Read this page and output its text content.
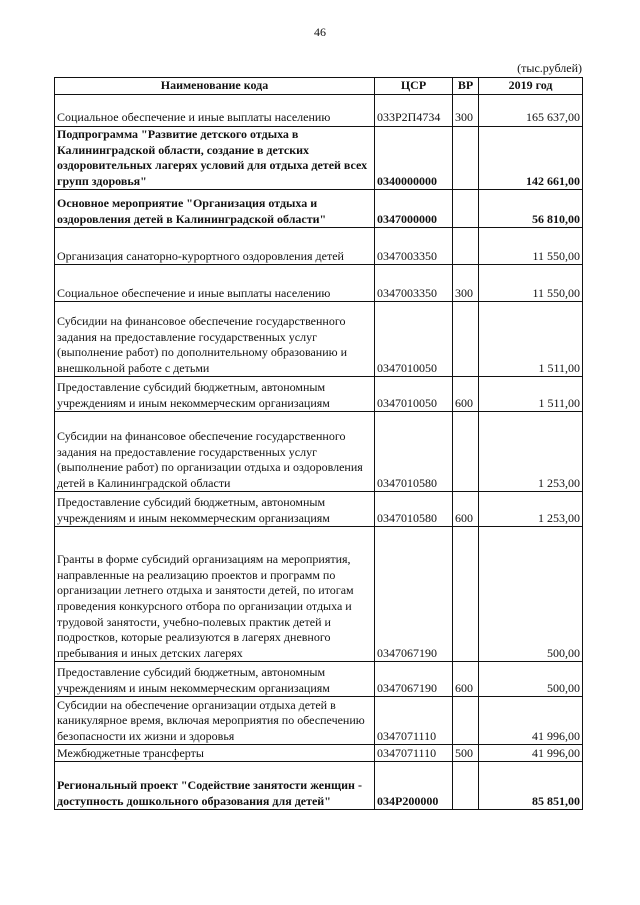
46
(тыс.рублей)
Наименование кода	ЦСР	ВР	2019 год
Социальное обеспечение и иные выплаты населению	033P2П4734	300	165 637,00
Подпрограмма "Развитие детского отдыха в Калининградской области, создание в детских оздоровительных лагерях условий для отдыха детей всех групп здоровья"	0340000000		142 661,00
Основное мероприятие "Организация отдыха и оздоровления детей в Калининградской области"	0347000000		56 810,00
Организация санаторно-курортного оздоровления детей	0347003350		11 550,00
Социальное обеспечение и иные выплаты населению	0347003350	300	11 550,00
Субсидии на финансовое обеспечение государственного задания на предоставление государственных услуг (выполнение работ) по дополнительному образованию и внешкольной работе с детьми	0347010050		1 511,00
Предоставление субсидий бюджетным, автономным учреждениям и иным некоммерческим организациям	0347010050	600	1 511,00
Субсидии на финансовое обеспечение государственного задания на предоставление государственных услуг (выполнение работ) по организации отдыха и оздоровления детей в Калининградской области	0347010580		1 253,00
Предоставление субсидий бюджетным, автономным учреждениям и иным некоммерческим организациям	0347010580	600	1 253,00
Гранты в форме субсидий организациям на мероприятия, направленные на реализацию проектов и программ по организации летнего отдыха и занятости детей, по итогам проведения конкурсного отбора по организации отдыха и трудовой занятости, учебно-полевых практик детей и подростков, которые реализуются в лагерях дневного пребывания и иных детских лагерях	0347067190		500,00
Предоставление субсидий бюджетным, автономным учреждениям и иным некоммерческим организациям	0347067190	600	500,00
Субсидии на обеспечение организации отдыха детей в каникулярное время, включая мероприятия по обеспечению безопасности их жизни и здоровья	0347071110		41 996,00
Межбюджетные трансферты	0347071110	500	41 996,00
Региональный проект "Содействие занятости женщин - доступность дошкольного образования для детей"	034P200000		85 851,00
